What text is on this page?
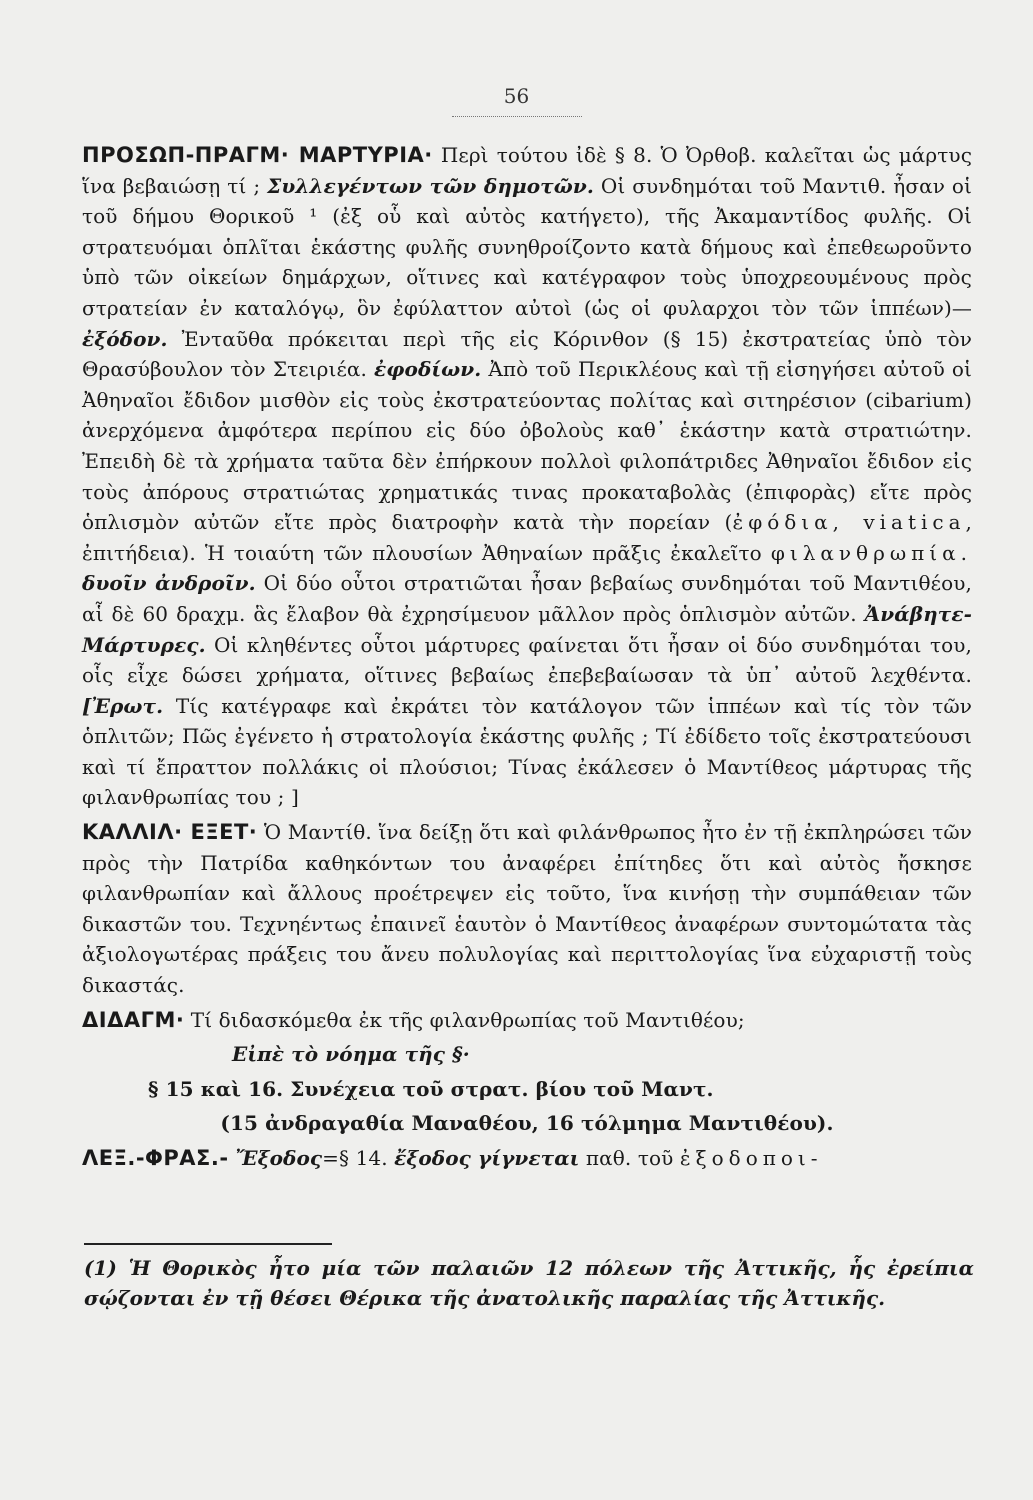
56

ΠΡΟΣΩΠ-ΠΡΑΓΜ· ΜΑΡΤΥΡΙΑ· Περὶ τούτου ἰδὲ § 8. Ὁ Ὀρθοβ. καλεῖται ὡς μάρτυς ἵνα βεβαιώσῃ τί ; Συλλεγέντων τῶν δημοτῶν. Οἱ συνδημόται τοῦ Μαντιθ. ἦσαν οἱ τοῦ δήμου Θορικοῦ ¹ (ἐξ οὗ καὶ αὐτὸς κατήγετο), τῆς Ἀκαμαντίδος φυλῆς. Οἱ στρατευόμαι ὁπλῖται ἑκάστης φυλῆς συνηθροίζοντο κατὰ δήμους καὶ ἐπεθεωροῦντο ὑπὸ τῶν οἰκείων δημάρχων, οἵτινες καὶ κατέγραφον τοὺς ὑποχρεουμένους πρὸς στρατείαν ἐν καταλόγῳ, ὃν ἐφύλαττον αὐτοὶ (ὡς οἱ φυλαρχοι τὸν τῶν ἱππέων)—ἐξόδον. Ἐνταῦθα πρόκειται περὶ τῆς εἰς Κόρινθον (§ 15) ἐκστρατείας ὑπὸ τὸν Θρασύβουλον τὸν Στειριέα. ἐφοδίων. Ἀπὸ τοῦ Περικλέους καὶ τῇ εἰσηγήσει αὐτοῦ οἱ Ἀθηναῖοι ἔδιδον μισθὸν εἰς τοὺς ἐκστρατεύοντας πολίτας καὶ σιτηρέσιον (cibarium) ἀνερχόμενα ἀμφότερα περίπου εἰς δύο ὀβολοὺς καθ᾽ ἑκάστην κατὰ στρατιώτην. Ἐπειδὴ δὲ τὰ χρήματα ταῦτα δὲν ἐπήρκουν πολλοὶ φιλοπάτριδες Ἀθηναῖοι ἔδιδον εἰς τοὺς ἀπόρους στρατιώτας χρηματικάς τινας προκαταβολὰς (ἐπιφορὰς) εἴτε πρὸς ὁπλισμὸν αὐτῶν εἴτε πρὸς διατροφὴν κατὰ τὴν πορείαν (ἐφόδια, viatica, ἐπιτήδεια). Ἡ τοιαύτη τῶν πλουσίων Ἀθηναίων πρᾶξις ἐκαλεῖτο φιλανθρωπία. δυοῖν ἀνδροῖν. Οἱ δύο οὗτοι στρατιῶται ἦσαν βεβαίως συνδημόται τοῦ Μαντιθέου, αἷ δὲ 60 δραχμ. ἃς ἔλαβον θὰ ἐχρησίμευον μᾶλλον πρὸς ὁπλισμὸν αὐτῶν. Ἀνάβητε-Μάρτυρες. Οἱ κληθέντες οὗτοι μάρτυρες φαίνεται ὅτι ἦσαν οἱ δύο συνδημόται του, οἷς εἶχε δώσει χρήματα, οἵτινες βεβαίως ἐπεβεβαίωσαν τὰ ὑπ᾽ αὐτοῦ λεχθέντα. [Ἐρωτ. Τίς κατέγραφε καὶ ἐκράτει τὸν κατάλογον τῶν ἱππέων καὶ τίς τὸν τῶν ὁπλιτῶν; Πῶς ἐγένετο ἡ στρατολογία ἑκάστης φυλῆς ; Τί ἐδίδετο τοῖς ἐκστρατεύουσι καὶ τί ἔπραττον πολλάκις οἱ πλούσιοι; Τίνας ἐκάλεσεν ὁ Μαντίθεος μάρτυρας τῆς φιλανθρωπίας του ; ]

ΚΑΛΛΙΛ· ΕΞΕΤ· Ὁ Μαντίθ. ἵνα δείξῃ ὅτι καὶ φιλάνθρωπος ἦτο ἐν τῇ ἐκπληρώσει τῶν πρὸς τὴν Πατρίδα καθηκόντων του ἀναφέρει ἐπίτηδες ὅτι καὶ αὐτὸς ἤσκησε φιλανθρωπίαν καὶ ἄλλους προέτρεψεν εἰς τοῦτο, ἵνα κινήσῃ τὴν συμπάθειαν τῶν δικαστῶν του. Τεχνηέντως ἐπαινεῖ ἑαυτὸν ὁ Μαντίθεος ἀναφέρων συντομώτατα τὰς ἀξιολογωτέρας πράξεις του ἄνευ πολυλογίας καὶ περιττολογίας ἵνα εὐχαριστῇ τοὺς δικαστάς.

ΔΙΔΑΓΜ· Τί διδασκόμεθα ἐκ τῆς φιλανθρωπίας τοῦ Μαντιθέου;

Εἰπὲ τὸ νόημα τῆς §·

§ 15 καὶ 16. Συνέχεια τοῦ στρατ. βίου τοῦ Μαντ.

(15 ἀνδραγαθία Μαναθέου, 16 τόλμημα Μαντιθέου).

ΛΕΞ.-ΦΡΑΣ.- Ἔξοδος=§ 14. ἔξοδος γίγνεται παθ. τοῦ ἐξοδοποι-

(1) Ἡ Θορικὸς ἦτο μία τῶν παλαιῶν 12 πόλεων τῆς Ἀττικῆς, ἧς ἐρείπια σῴζονται ἐν τῇ θέσει Θέρικα τῆς ἀνατολικῆς παραλίας τῆς Ἀττικῆς.
